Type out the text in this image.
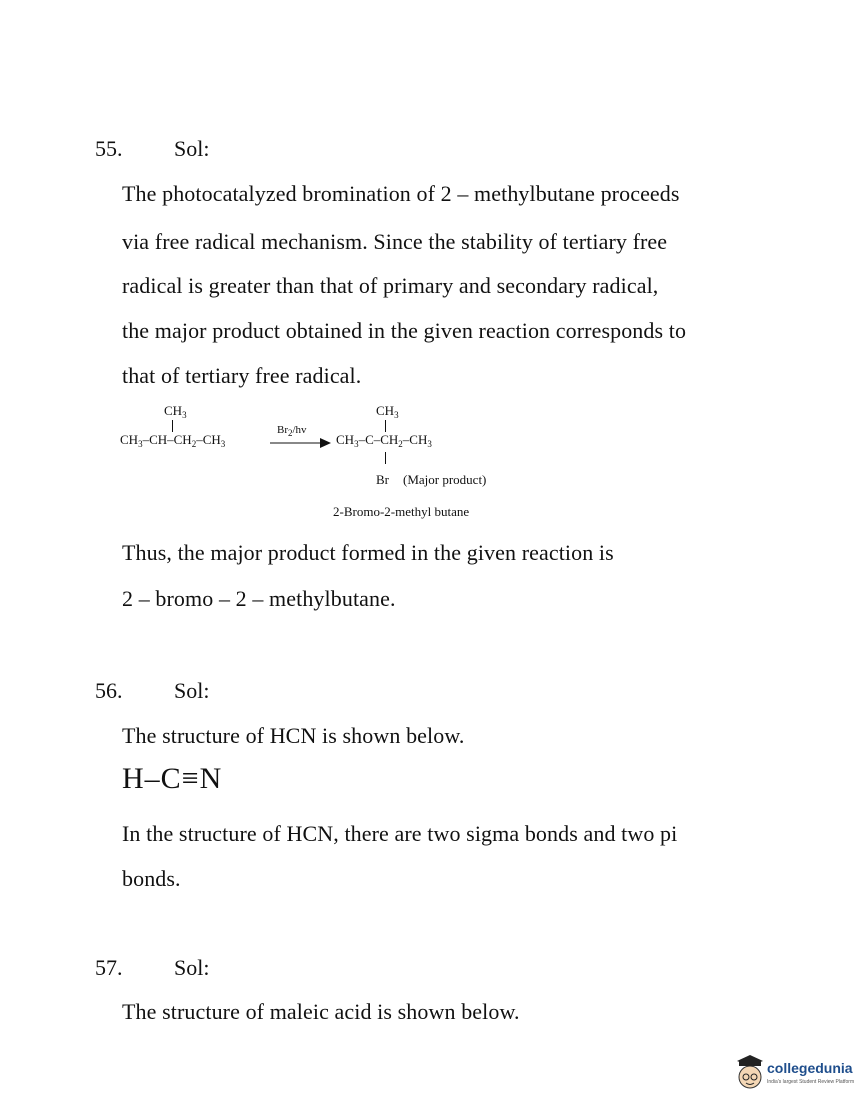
55. Sol:
The photocatalyzed bromination of 2 – methylbutane proceeds
via free radical mechanism. Since the stability of tertiary free
radical is greater than that of primary and secondary radical,
the major product obtained in the given reaction corresponds to
that of tertiary free radical.
$CH_3$
$CH_3-CH-CH_2-CH_3$
$Br_2/hv$
$CH_3$
$CH_3-C-CH_2-CH_3$
Br (Major product)
2-Bromo-2-methyl butane
Thus, the major product formed in the given reaction is
2 – bromo – 2 – methylbutane.
56. Sol:
The structure of HCN is shown below.
H–C≡N
In the structure of HCN, there are two sigma bonds and two pi
bonds.
57. Sol:
The structure of maleic acid is shown below.
collegedunia
India's largest Student Review Platform
